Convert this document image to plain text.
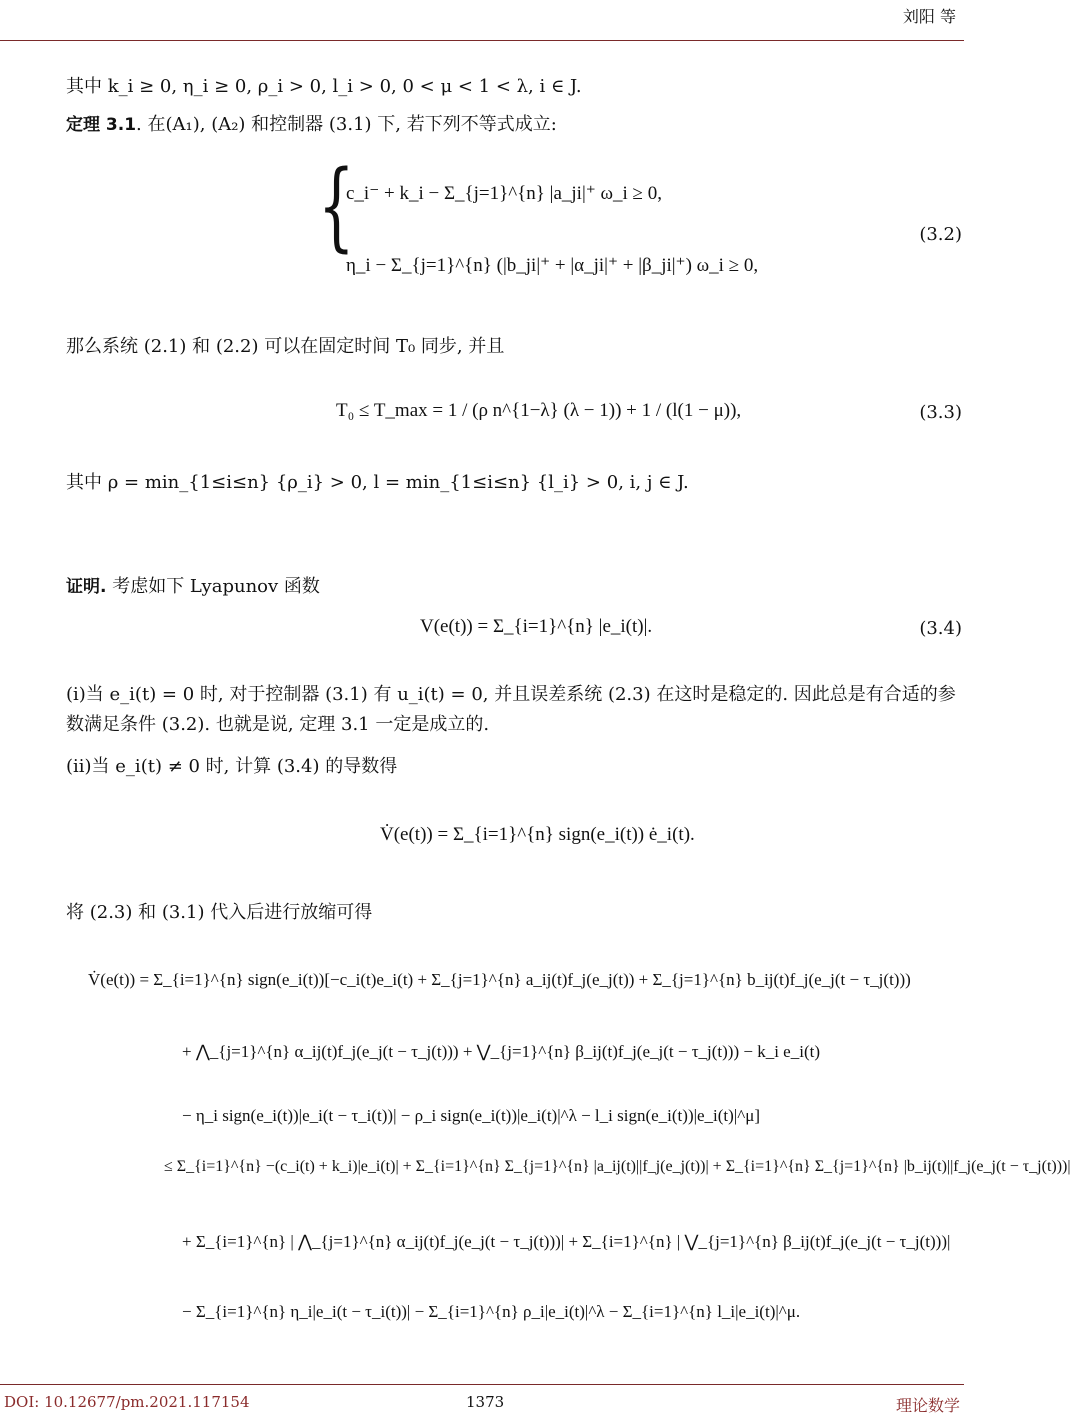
刘阳 等
其中 k_i ≥ 0, η_i ≥ 0, ρ_i > 0, l_i > 0, 0 < μ < 1 < λ, i ∈ J.
定理 3.1. 在(A₁), (A₂) 和控制器 (3.1) 下, 若下列不等式成立:
{
c_i⁻ + k_i − Σ_{j=1}^{n} |a_ji|⁺ ω_i ≥ 0,
η_i − Σ_{j=1}^{n} (|b_ji|⁺ + |α_ji|⁺ + |β_ji|⁺) ω_i ≥ 0,
(3.2)
那么系统 (2.1) 和 (2.2) 可以在固定时间 T₀ 同步, 并且
T₀ ≤ T_max = 1 / (ρ n^{1−λ} (λ − 1)) + 1 / (l(1 − μ)),	(3.3)
其中 ρ = min_{1≤i≤n} {ρ_i} > 0, l = min_{1≤i≤n} {l_i} > 0, i, j ∈ J.
证明. 考虑如下 Lyapunov 函数
V(e(t)) = Σ_{i=1}^{n} |e_i(t)|.	(3.4)
(i)当 e_i(t) = 0 时, 对于控制器 (3.1) 有 u_i(t) = 0, 并且误差系统 (2.3) 在这时是稳定的. 因此总是有合适的参数满足条件 (3.2). 也就是说, 定理 3.1 一定是成立的.
(ii)当 e_i(t) ≠ 0 时, 计算 (3.4) 的导数得
V̇(e(t)) = Σ_{i=1}^{n} sign(e_i(t)) ė_i(t).
将 (2.3) 和 (3.1) 代入后进行放缩可得
V̇(e(t)) = Σ_{i=1}^{n} sign(e_i(t))[−c_i(t)e_i(t) + Σ_{j=1}^{n} a_ij(t)f_j(e_j(t)) + Σ_{j=1}^{n} b_ij(t)f_j(e_j(t − τ_j(t)))
+ ⋀_{j=1}^{n} α_ij(t)f_j(e_j(t − τ_j(t))) + ⋁_{j=1}^{n} β_ij(t)f_j(e_j(t − τ_j(t))) − k_i e_i(t)
− η_i sign(e_i(t))|e_i(t − τ_i(t))| − ρ_i sign(e_i(t))|e_i(t)|^λ − l_i sign(e_i(t))|e_i(t)|^μ]
≤ Σ_{i=1}^{n} −(c_i(t) + k_i)|e_i(t)| + Σ_{i=1}^{n} Σ_{j=1}^{n} |a_ij(t)||f_j(e_j(t))| + Σ_{i=1}^{n} Σ_{j=1}^{n} |b_ij(t)||f_j(e_j(t − τ_j(t)))|
+ Σ_{i=1}^{n} | ⋀_{j=1}^{n} α_ij(t)f_j(e_j(t − τ_j(t)))| + Σ_{i=1}^{n} | ⋁_{j=1}^{n} β_ij(t)f_j(e_j(t − τ_j(t)))|
− Σ_{i=1}^{n} η_i|e_i(t − τ_i(t))| − Σ_{i=1}^{n} ρ_i|e_i(t)|^λ − Σ_{i=1}^{n} l_i|e_i(t)|^μ.
DOI: 10.12677/pm.2021.117154	1373	理论数学
